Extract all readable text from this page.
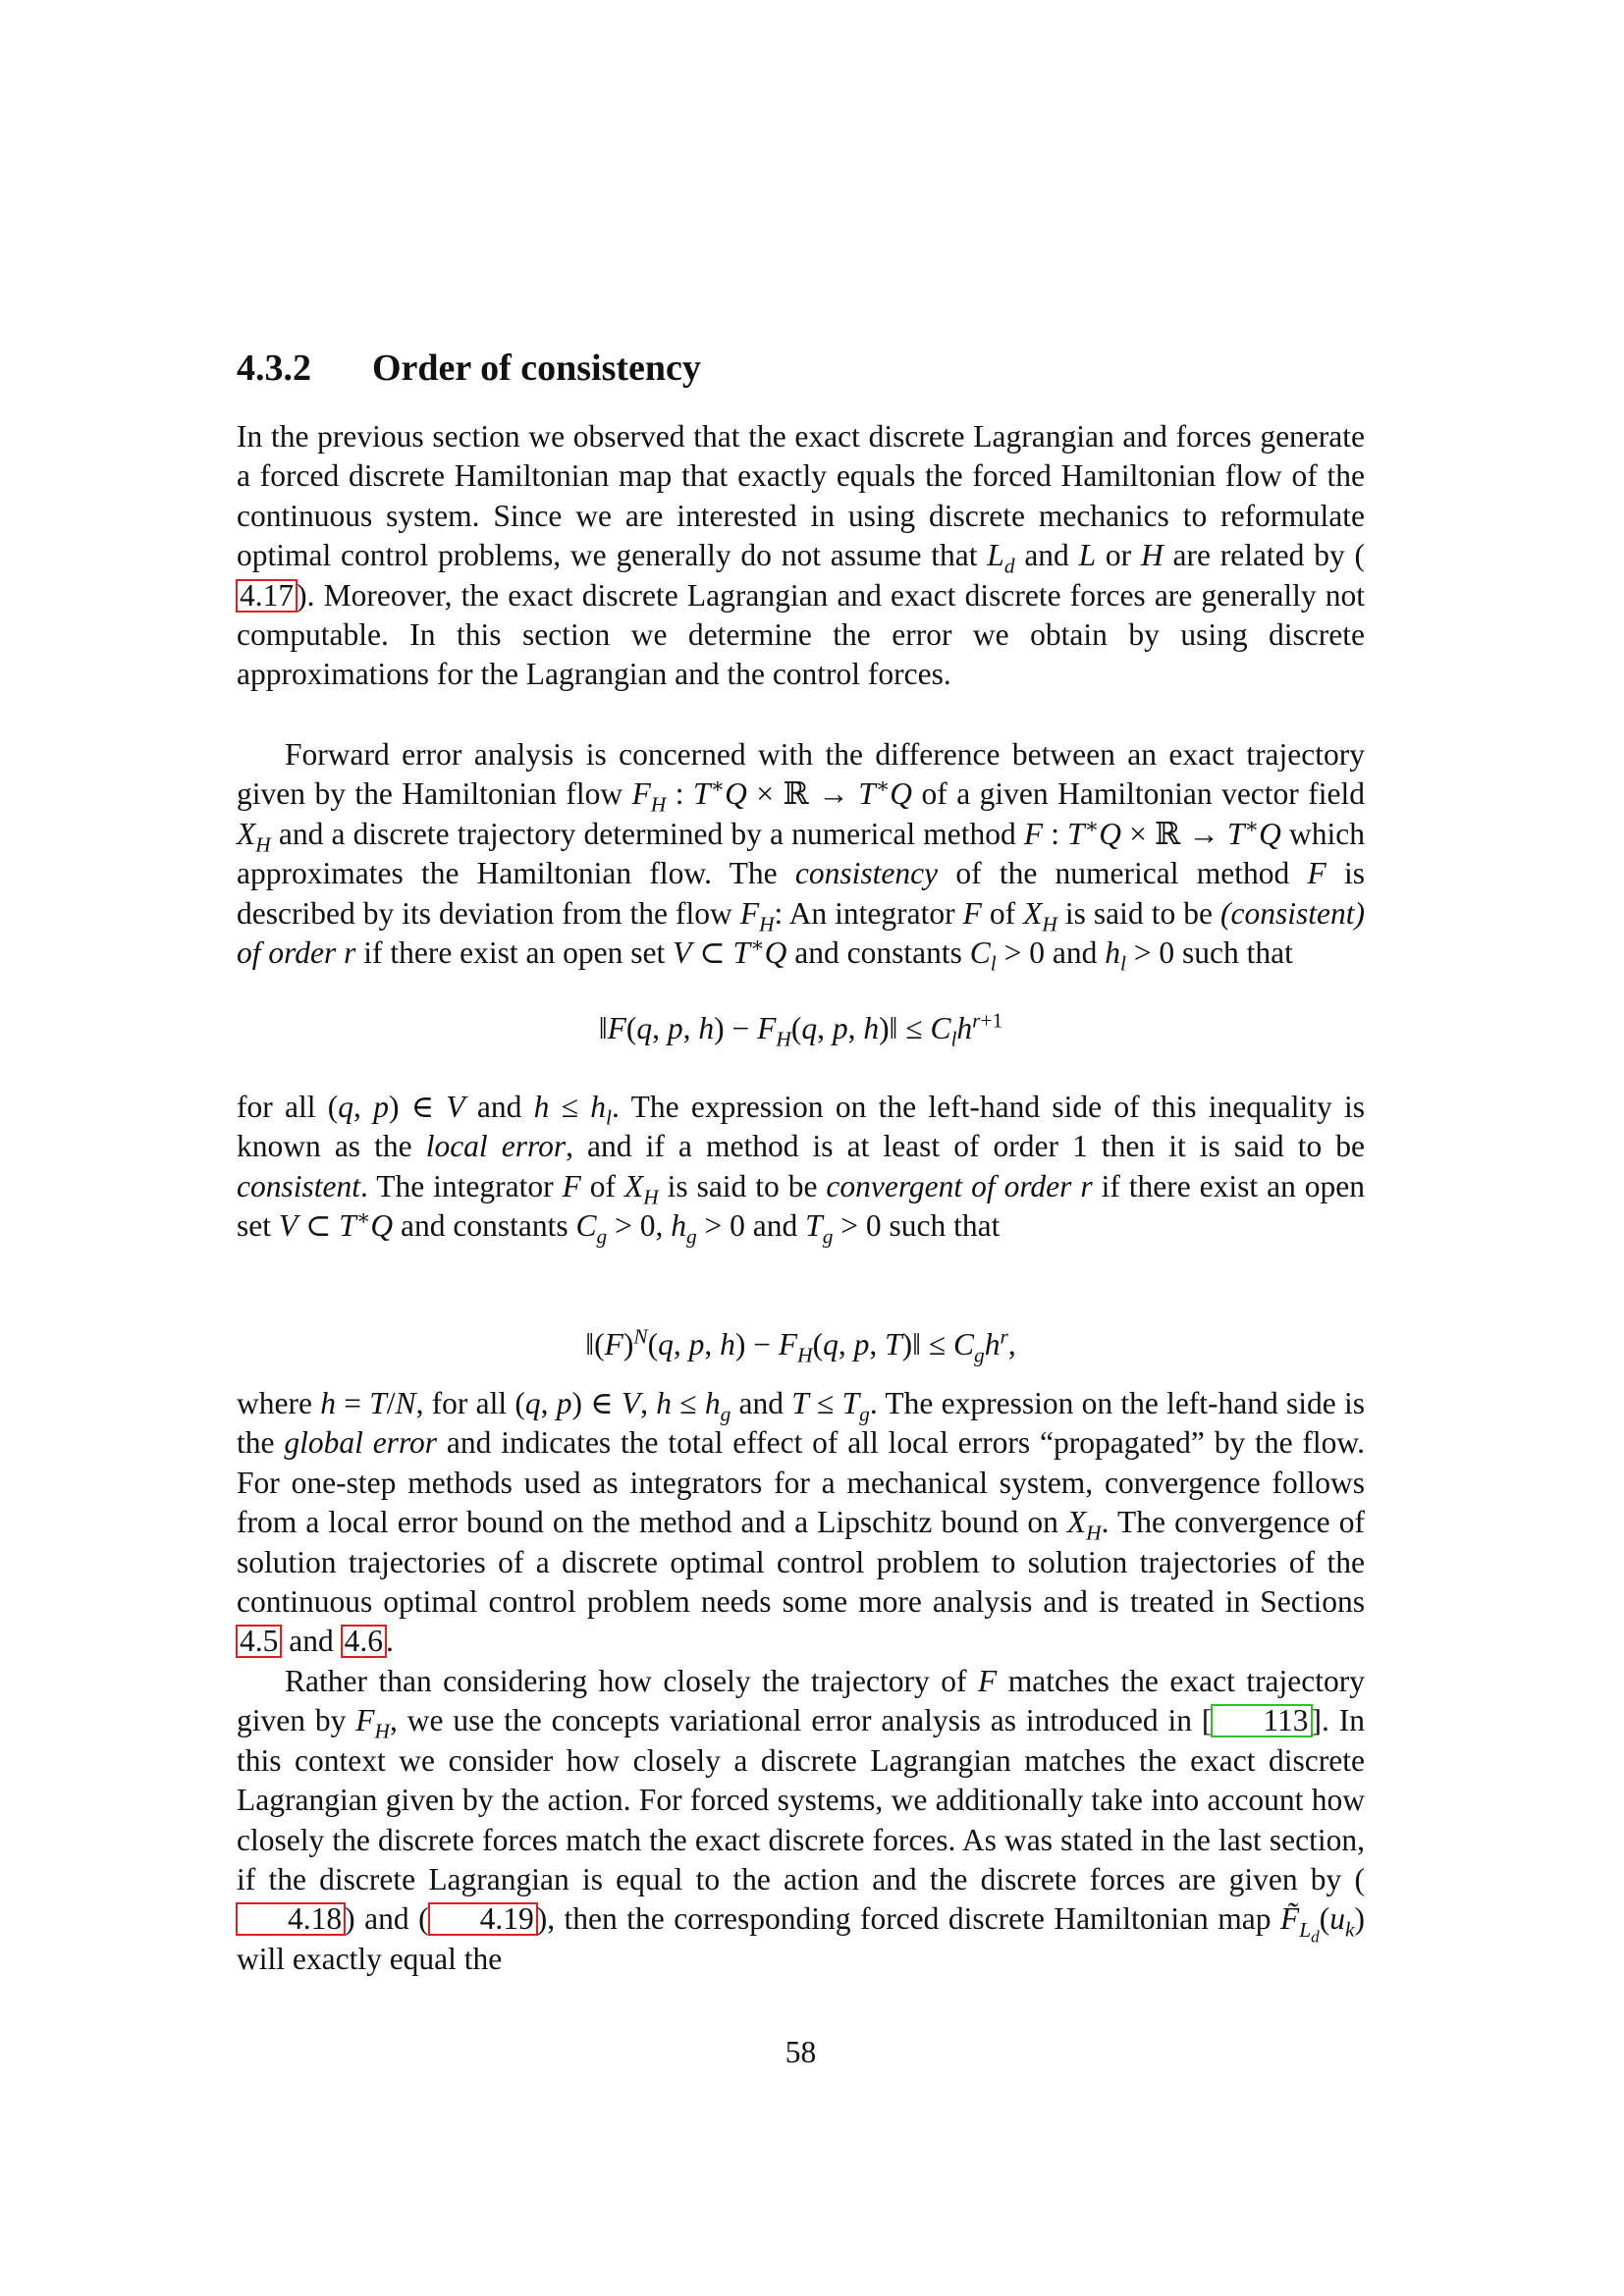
4.3.2 Order of consistency

In the previous section we observed that the exact discrete Lagrangian and forces generate a forced discrete Hamiltonian map that exactly equals the forced Hamiltonian flow of the continuous system. Since we are interested in using discrete mechanics to reformulate optimal control problems, we generally do not assume that $L_d$ and L or H are related by (4.17). Moreover, the exact discrete Lagrangian and exact discrete forces are generally not computable. In this section we determine the error we obtain by using discrete approximations for the Lagrangian and the control forces.

Forward error analysis is concerned with the difference between an exact trajectory given by the Hamiltonian flow $F_H$ : T∗Q × ℝ → T∗Q of a given Hamiltonian vector field $X_H$ and a discrete trajectory determined by a numerical method F : T∗Q × ℝ → T∗Q which approximates the Hamiltonian flow. The consistency of the numerical method F is described by its deviation from the flow $F_H$: An integrator F of $X_H$ is said to be (consistent) of order r if there exist an open set V ⊂ T∗Q and constants $C_l > 0$ and $h_l > 0$ such that

‖F(q, p, $h) - F_H(q$, p, h)‖ ≤ $C_lh^{r+1}$

for all (q, p) ∈ V and $h \le h_l$. The expression on the left-hand side of this inequality is known as the local error, and if a method is at least of order 1 then it is said to be consistent. The integrator F of $X_H$ is said to be convergent of order r if there exist an open set V ⊂ T∗Q and constants $C_g > 0$, $h_g > 0$ and $T_g > 0$ such that

$‖(F)^N(q$, p, $h) - F_H(q$, p, T)‖ ≤ $C_gh^r$,

where h = T/N, for all (q, p) ∈ V, $h \le h_g$ and $T \le T_g$. The expression on the left-hand side is the global error and indicates the total effect of all local errors “propagated” by the flow. For one-step methods used as integrators for a mechanical system, convergence follows from a local error bound on the method and a Lipschitz bound on $X_H$. The convergence of solution trajectories of a discrete optimal control problem to solution trajectories of the continuous optimal control problem needs some more analysis and is treated in Sections 4.5 and 4.6.

Rather than considering how closely the trajectory of F matches the exact trajectory given by $F_H$, we use the concepts variational error analysis as introduced in [ 113]. In this context we consider how closely a discrete Lagrangian matches the exact discrete Lagrangian given by the action. For forced systems, we additionally take into account how closely the discrete forces match the exact discrete forces. As was stated in the last section, if the discrete Lagrangian is equal to the action and the discrete forces are given by (4.18) and ( 4.19), then the corresponding forced discrete Hamiltonian map $F̃_{L_d}(u_k)$ will exactly equal the

58
